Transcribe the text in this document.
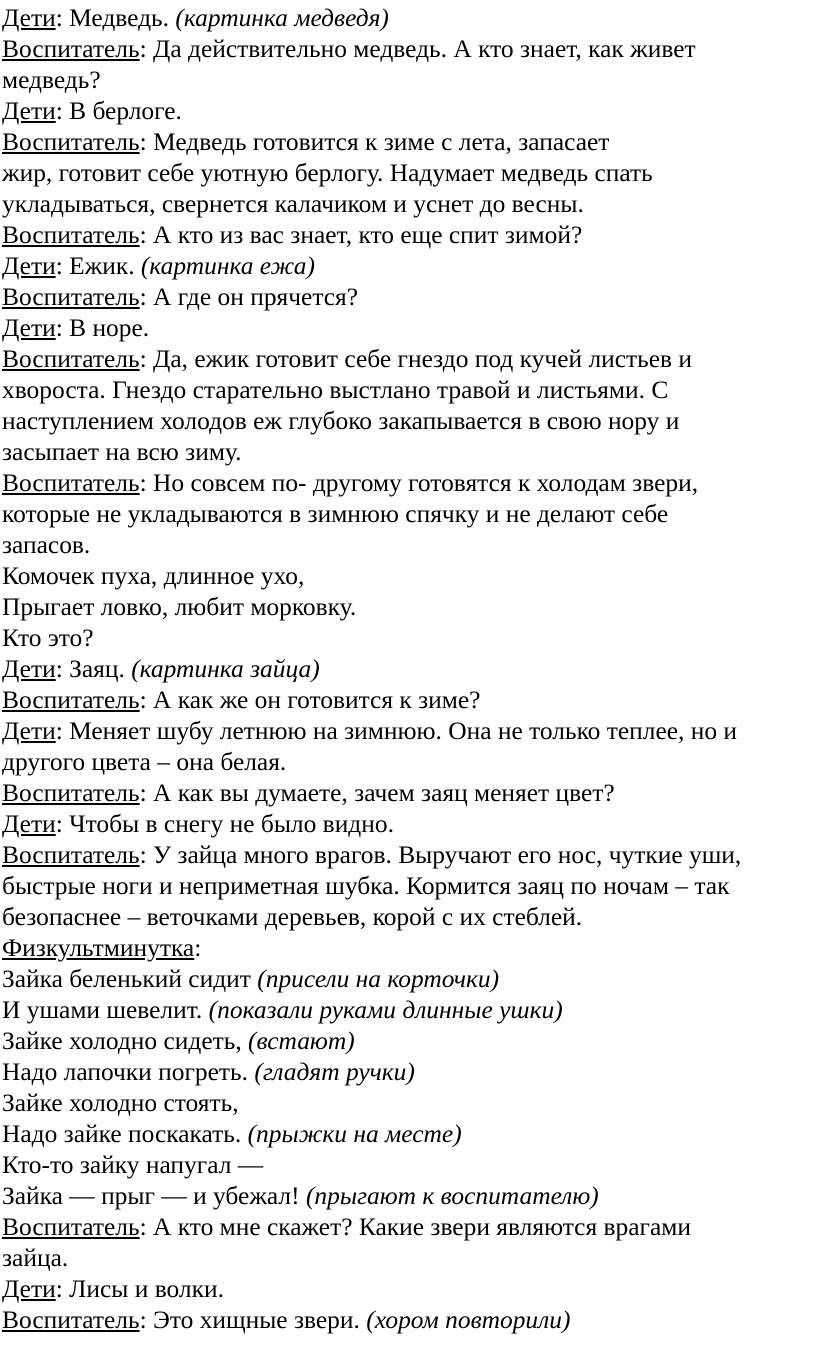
Дети: Медведь. (картинка медведя)
Воспитатель: Да действительно медведь. А кто знает, как живет
медведь?
Дети: В берлоге.
Воспитатель: Медведь готовится к зиме с лета, запасает
жир, готовит себе уютную берлогу. Надумает медведь спать
укладываться, свернется калачиком и уснет до весны.
Воспитатель: А кто из вас знает, кто еще спит зимой?
Дети: Ежик. (картинка ежа)
Воспитатель: А где он прячется?
Дети: В норе.
Воспитатель: Да, ежик готовит себе гнездо под кучей листьев и
хвороста. Гнездо старательно выстлано травой и листьями. С
наступлением холодов еж глубоко закапывается в свою нору и
засыпает на всю зиму.
Воспитатель: Но совсем по- другому готовятся к холодам звери,
которые не укладываются в зимнюю спячку и не делают себе
запасов.
Комочек пуха, длинное ухо,
Прыгает ловко, любит морковку.
Кто это?
Дети: Заяц. (картинка зайца)
Воспитатель: А как же он готовится к зиме?
Дети: Меняет шубу летнюю на зимнюю. Она не только теплее, но и
другого цвета – она белая.
Воспитатель: А как вы думаете, зачем заяц меняет цвет?
Дети: Чтобы в снегу не было видно.
Воспитатель: У зайца много врагов. Выручают его нос, чуткие уши,
быстрые ноги и неприметная шубка. Кормится заяц по ночам – так
безопаснее – веточками деревьев, корой с их стеблей.
Физкультминутка:
Зайка беленький сидит (присели на корточки)
И ушами шевелит. (показали руками длинные ушки)
Зайке холодно сидеть, (встают)
Надо лапочки погреть. (гладят ручки)
Зайке холодно стоять,
Надо зайке поскакать. (прыжки на месте)
Кто-то зайку напугал —
Зайка — прыг — и убежал! (прыгают к воспитателю)
Воспитатель: А кто мне скажет? Какие звери являются врагами
зайца.
Дети: Лисы и волки.
Воспитатель: Это хищные звери. (хором повторили)
